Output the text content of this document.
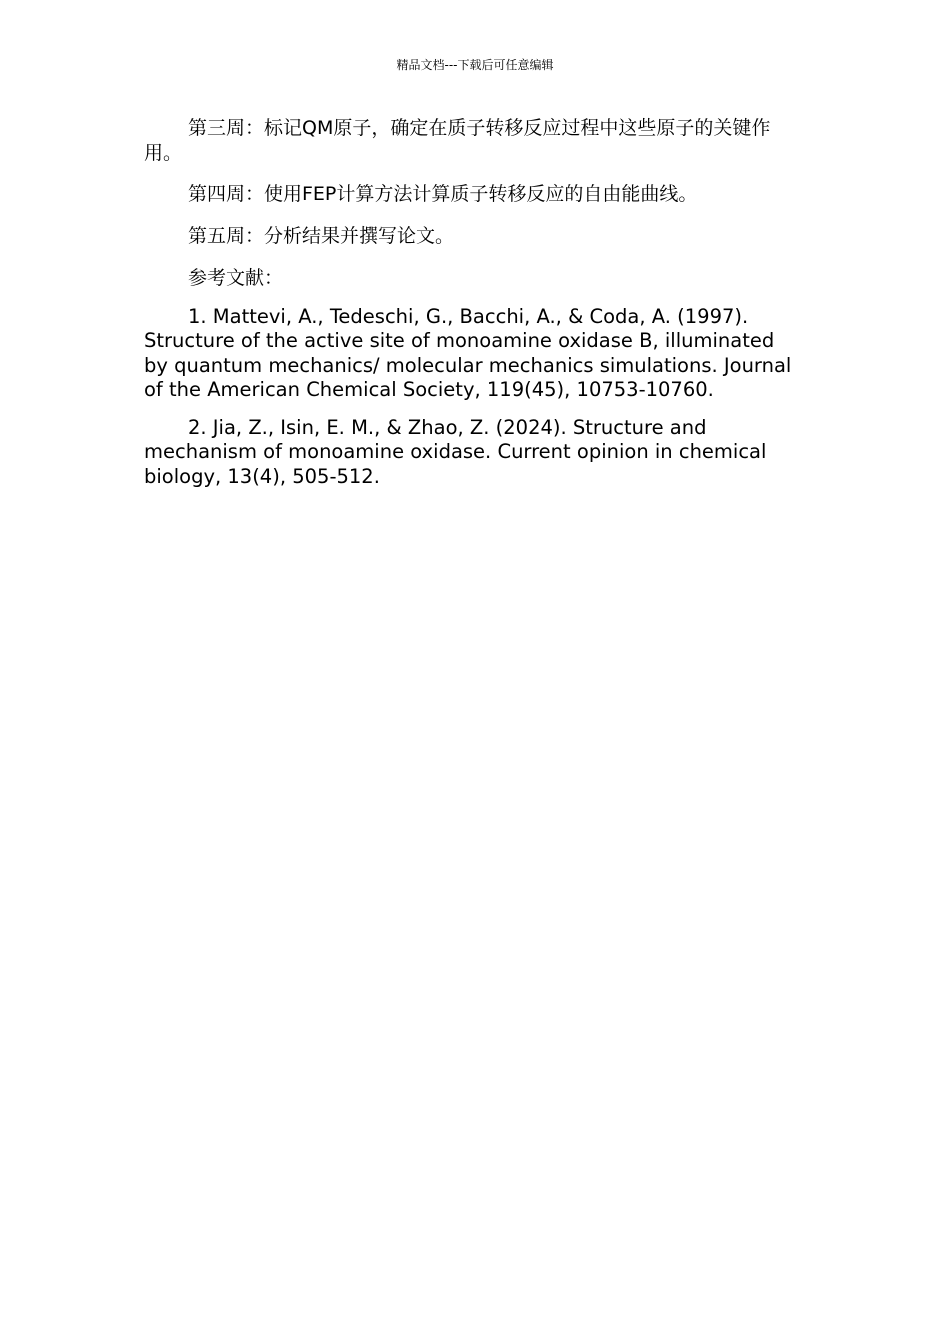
精品文档---下载后可任意编辑

第三周：标记QM原子，确定在质子转移反应过程中这些原子的关键作用。

第四周：使用FEP计算方法计算质子转移反应的自由能曲线。

第五周：分析结果并撰写论文。

参考文献：

1. Mattevi, A., Tedeschi, G., Bacchi, A., & Coda, A. (1997). Structure of the active site of monoamine oxidase B, illuminated by quantum mechanics/ molecular mechanics simulations. Journal of the American Chemical Society, 119(45), 10753-10760.

2. Jia, Z., Isin, E. M., & Zhao, Z. (2024). Structure and mechanism of monoamine oxidase. Current opinion in chemical biology, 13(4), 505-512.
